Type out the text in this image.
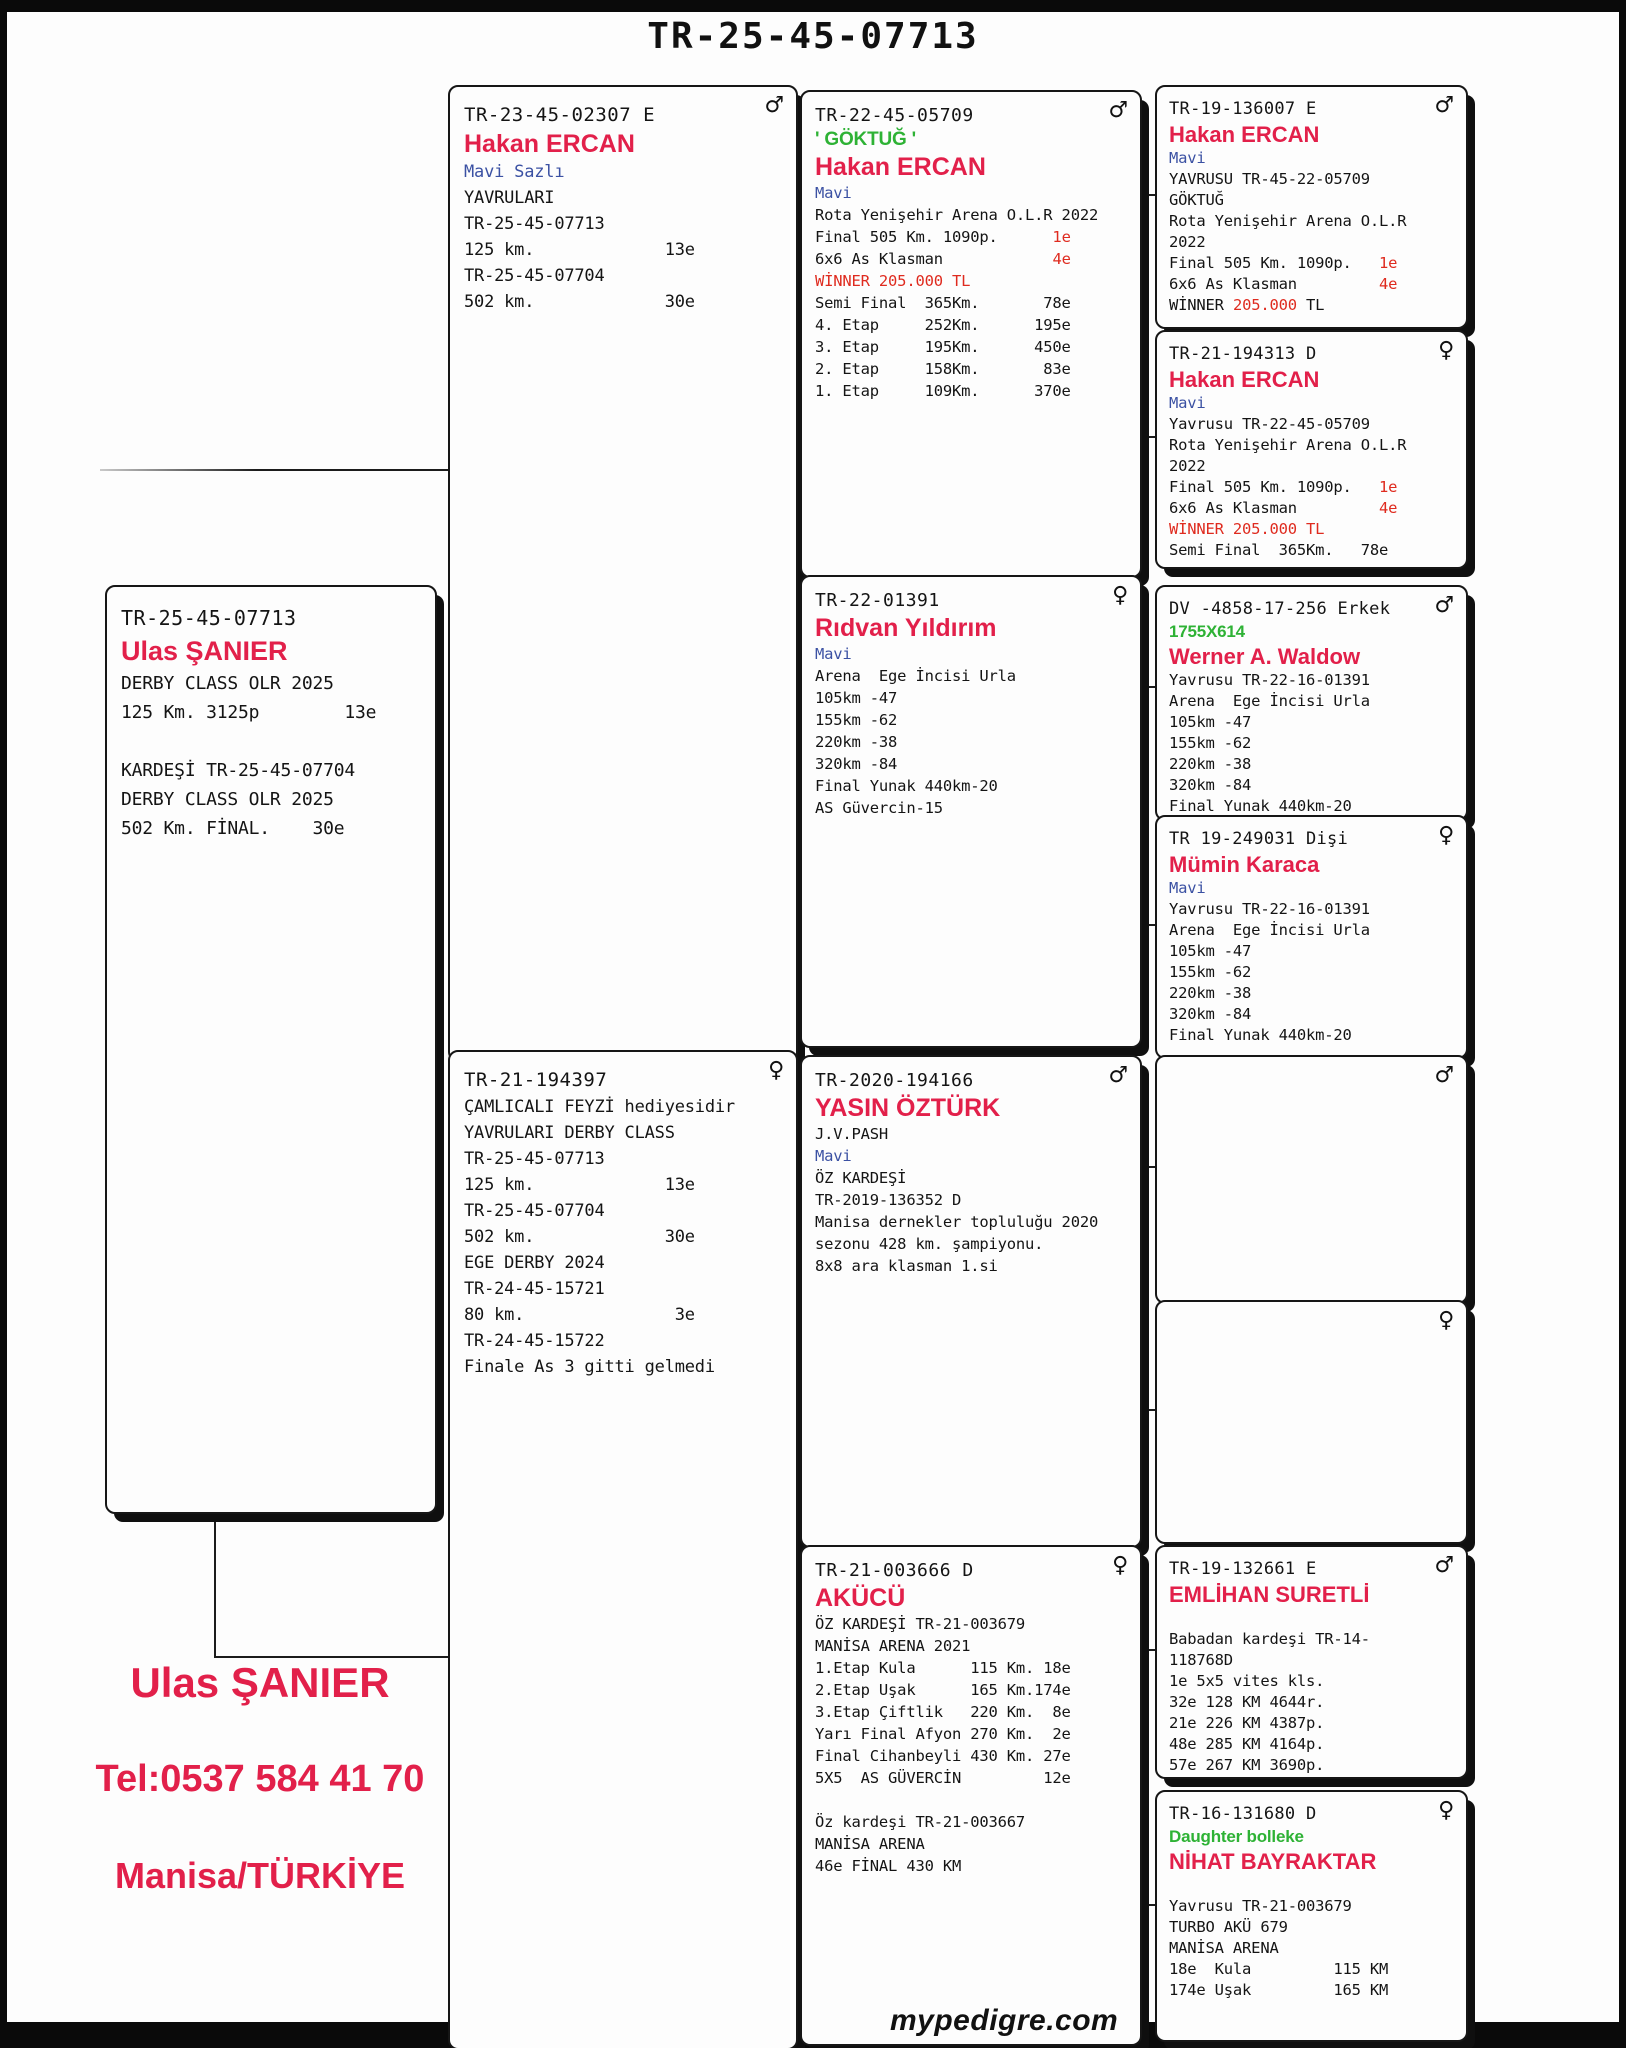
TR-25-45-07713
TR-25-45-07713
Ulas ŞANIER
DERBY CLASS OLR 2025
125 Km. 3125p        13e

KARDEŞİ TR-25-45-07704
DERBY CLASS OLR 2025
502 Km. FİNAL.    30e
♂
TR-23-45-02307 E
Hakan ERCAN
Mavi Sazlı
YAVRULARI
TR-25-45-07713
125 km.             13e
TR-25-45-07704
502 km.             30e
♀
TR-21-194397
ÇAMLICALI FEYZİ hediyesidir
YAVRULARI DERBY CLASS
TR-25-45-07713
125 km.             13e
TR-25-45-07704
502 km.             30e
EGE DERBY 2024
TR-24-45-15721
80 km.               3e
TR-24-45-15722
Finale As 3 gitti gelmedi
♂
TR-22-45-05709
' GÖKTUĞ '
Hakan ERCAN
Mavi
Rota Yenişehir Arena O.L.R 2022
Final 505 Km. 1090p.      1e
6x6 As Klasman            4e
WİNNER 205.000 TL
Semi Final  365Km.       78e
4. Etap     252Km.      195e
3. Etap     195Km.      450e
2. Etap     158Km.       83e
1. Etap     109Km.      370e
♀
TR-22-01391
Rıdvan Yıldırım
Mavi
Arena  Ege İncisi Urla
105km -47
155km -62
220km -38
320km -84
Final Yunak 440km-20
AS Güvercin-15
♂
TR-2020-194166
YASIN ÖZTÜRK
J.V.PASH
Mavi
ÖZ KARDEŞİ
TR-2019-136352 D
Manisa dernekler topluluğu 2020
sezonu 428 km. şampiyonu.
8x8 ara klasman 1.si
♀
TR-21-003666 D
AKÜCÜ
ÖZ KARDEŞİ TR-21-003679
MANİSA ARENA 2021
1.Etap Kula      115 Km. 18e
2.Etap Uşak      165 Km.174e
3.Etap Çiftlik   220 Km.  8e
Yarı Final Afyon 270 Km.  2e
Final Cihanbeyli 430 Km. 27e
5X5  AS GÜVERCİN         12e

Öz kardeşi TR-21-003667
MANİSA ARENA
46e FİNAL 430 KM
♂
TR-19-136007 E
Hakan ERCAN
Mavi
YAVRUSU TR-45-22-05709
GÖKTUĞ
Rota Yenişehir Arena O.L.R
2022
Final 505 Km. 1090p.   1e
6x6 As Klasman         4e
WİNNER 205.000 TL
♀
TR-21-194313 D
Hakan ERCAN
Mavi
Yavrusu TR-22-45-05709
Rota Yenişehir Arena O.L.R
2022
Final 505 Km. 1090p.   1e
6x6 As Klasman         4e
WİNNER 205.000 TL
Semi Final  365Km.   78e
♂
DV -4858-17-256 Erkek
1755X614
Werner A. Waldow
Yavrusu TR-22-16-01391
Arena  Ege İncisi Urla
105km -47
155km -62
220km -38
320km -84
Final Yunak 440km-20
♀
TR 19-249031 Dişi
Mümin Karaca
Mavi
Yavrusu TR-22-16-01391
Arena  Ege İncisi Urla
105km -47
155km -62
220km -38
320km -84
Final Yunak 440km-20
♂
♀
♂
TR-19-132661 E
EMLİHAN SURETLİ

Babadan kardeşi TR-14-
118768D
1e 5x5 vites kls.
32e 128 KM 4644r.
21e 226 KM 4387p.
48e 285 KM 4164p.
57e 267 KM 3690p.
♀
TR-16-131680 D
Daughter bolleke
NİHAT BAYRAKTAR

Yavrusu TR-21-003679
TURBO AKÜ 679
MANİSA ARENA
18e  Kula         115 KM
174e Uşak         165 KM
Ulas ŞANIER
Tel:0537 584 41 70
Manisa/TÜRKİYE
mypedigre.com
